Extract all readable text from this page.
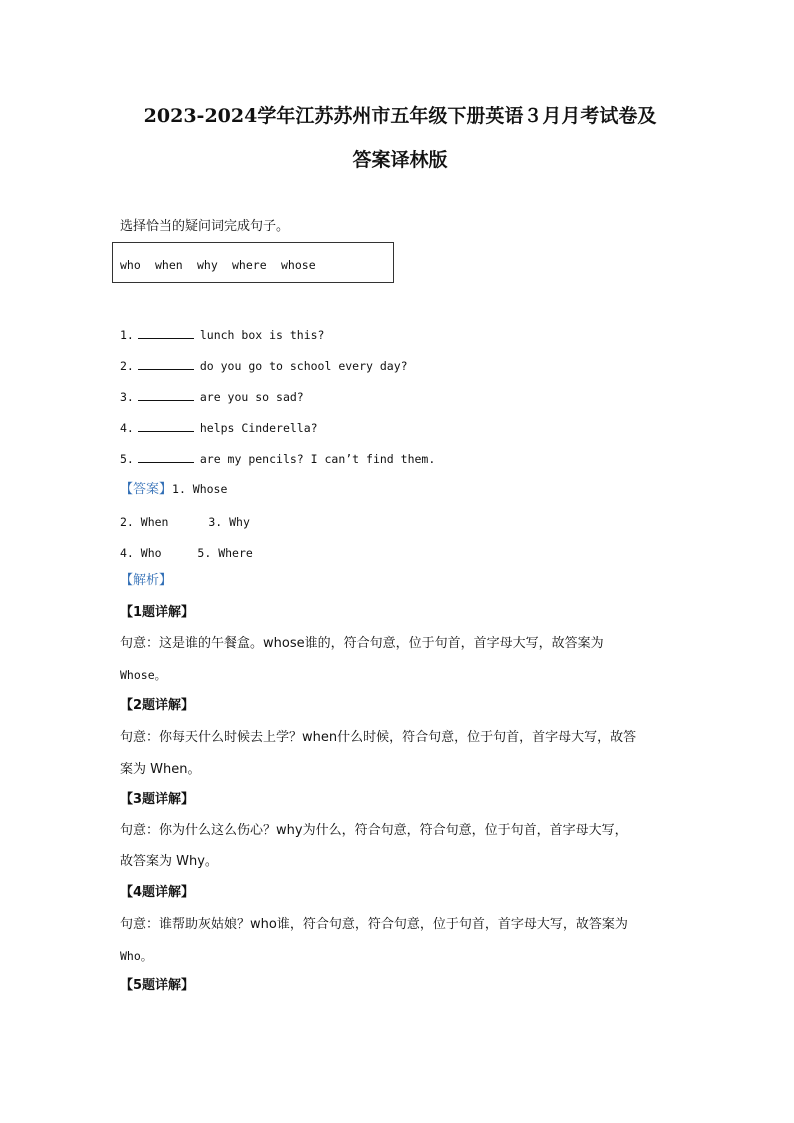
2023-2024学年江苏苏州市五年级下册英语３月月考试卷及
答案译林版
选择恰当的疑问词完成句子。
who when why where whose
1.	lunch box is this?
2.	do you go to school every day?
3.	are you so sad?
4.	helps Cinderella?
5.	are my pencils? I can’t find them.
【答案】1. Whose
2. When	3. Why
4. Who	5. Where
【解析】
【1题详解】
句意：这是谁的午餐盒。whose谁的，符合句意，位于句首，首字母大写，故答案为
Whose。
【2题详解】
句意：你每天什么时候去上学？when什么时候，符合句意，位于句首，首字母大写，故答
案为 When。
【3题详解】
句意：你为什么这么伤心？why为什么，符合句意，符合句意，位于句首，首字母大写，
故答案为 Why。
【4题详解】
句意：谁帮助灰姑娘？who谁，符合句意，符合句意，位于句首，首字母大写，故答案为
Who。
【5题详解】
